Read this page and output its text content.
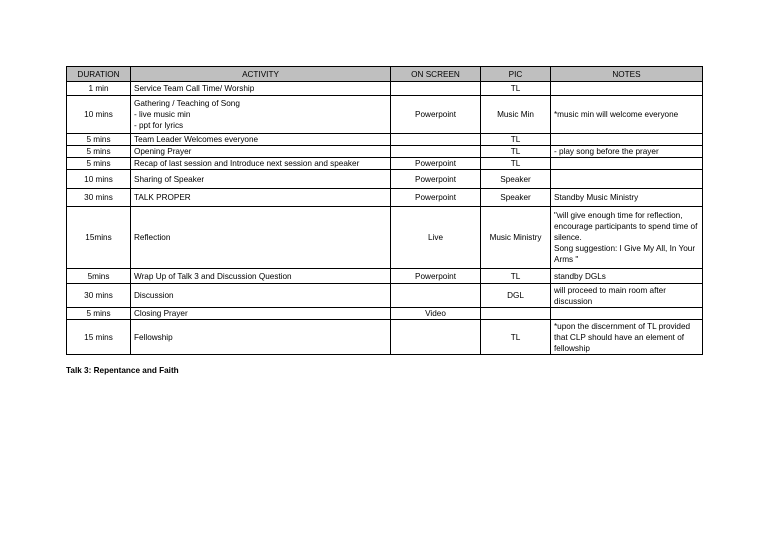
DURATION	ACTIVITY	ON SCREEN	PIC	NOTES
1 min	Service Team Call Time/ Worship		TL	

10 mins	Gathering / Teaching of Song
- live music min
- ppt for lyrics	Powerpoint	Music Min	*music min will welcome everyone

5 mins	Team Leader Welcomes everyone		TL	

5 mins	Opening Prayer		TL	- play song before the prayer

5 mins	Recap of last session and Introduce next session and speaker	Powerpoint	TL	

10 mins	Sharing of Speaker	Powerpoint	Speaker	

30 mins	TALK PROPER	Powerpoint	Speaker	Standby Music Ministry

15mins	Reflection	Live	Music Ministry	"will give enough time for reflection, encourage participants to spend time of silence.
Song suggestion: I Give My All, In Your Arms "

5mins	Wrap Up of Talk 3 and Discussion Question	Powerpoint	TL	standby DGLs

30 mins	Discussion		DGL	will proceed to main room after discussion

5 mins	Closing Prayer	Video		

15 mins	Fellowship		TL	*upon the discernment of TL provided that CLP should have an element of fellowship
Talk 3: Repentance and Faith
